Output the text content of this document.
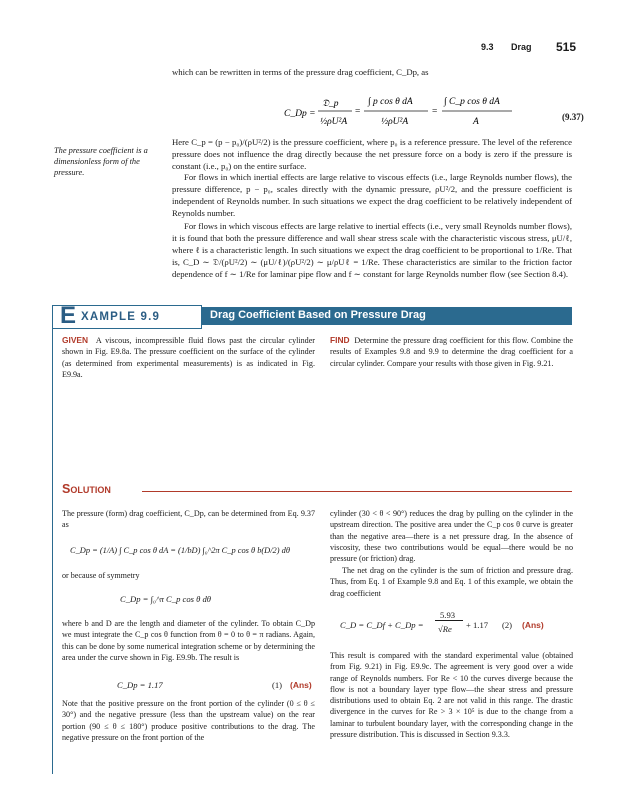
9.3 Drag 515
which can be rewritten in terms of the pressure drag coefficient, C_Dp, as
C_Dp =
𝔇_p
½ρU²A
=
∫ p cos θ dA
½ρU²A
=
∫ C_p cos θ dA
A	(9.37)
The pressure coefficient is a dimensionless form of the pressure.

Here C_p = (p − p₀)/(ρU²/2) is the pressure coefficient, where p₀ is a reference pressure. The level of the reference pressure does not influence the drag directly because the net pressure force on a body is zero if the pressure is constant (i.e., p₀) on the entire surface.

For flows in which inertial effects are large relative to viscous effects (i.e., large Reynolds number flows), the pressure difference, p − p₀, scales directly with the dynamic pressure, ρU²/2, and the pressure coefficient is independent of Reynolds number. In such situations we expect the drag coefficient to be relatively independent of Reynolds number.

For flows in which viscous effects are large relative to inertial effects (i.e., very small Reynolds number flows), it is found that both the pressure difference and wall shear stress scale with the characteristic viscous stress, μU/ℓ, where ℓ is a characteristic length. In such situations we expect the drag coefficient to be proportional to 1/Re. That is, C_D ∼ 𝔇/(ρU²/2) ∼ (μU/ℓ)/(ρU²/2) ∼ μ/ρUℓ = 1/Re. These characteristics are similar to the friction factor dependence of f ∼ 1/Re for laminar pipe flow and f ∼ constant for large Reynolds number flow (see Section 8.4).

E XAMPLE 9.9	Drag Coefficient Based on Pressure Drag

GIVEN A viscous, incompressible fluid flows past the circular cylinder shown in Fig. E9.8a. The pressure coefficient on the surface of the cylinder (as determined from experimental measurements) is as indicated in Fig. E9.9a.

FIND Determine the pressure drag coefficient for this flow. Combine the results of Examples 9.8 and 9.9 to determine the drag coefficient for a circular cylinder. Compare your results with those given in Fig. 9.21.

Solution

The pressure (form) drag coefficient, C_Dp, can be determined from Eq. 9.37 as

C_Dp = (1/A) ∫ C_p cos θ dA = (1/bD) ∫₀^2π C_p cos θ b(D/2) dθ

or because of symmetry

C_Dp = ∫₀^π C_p cos θ dθ

where b and D are the length and diameter of the cylinder. To obtain C_Dp we must integrate the C_p cos θ function from θ = 0 to θ = π radians. Again, this can be done by some numerical integration scheme or by determining the area under the curve shown in Fig. E9.9b. The result is

C_Dp = 1.17	(1) (Ans)

Note that the positive pressure on the front portion of the cylinder (0 ≤ θ ≤ 30°) and the negative pressure (less than the upstream value) on the rear portion (90 ≤ θ ≤ 180°) produce positive contributions to the drag. The negative pressure on the front portion of the

cylinder (30 < θ < 90°) reduces the drag by pulling on the cylinder in the upstream direction. The positive area under the C_p cos θ curve is greater than the negative area—there is a net pressure drag. In the absence of viscosity, these two contributions would be equal—there would be no pressure (or friction) drag.

The net drag on the cylinder is the sum of friction and pressure drag. Thus, from Eq. 1 of Example 9.8 and Eq. 1 of this example, we obtain the drag coefficient

C_D = C_Df + C_Dp =
5.93
√Re + 1.17 (2) (Ans)

This result is compared with the standard experimental value (obtained from Fig. 9.21) in Fig. E9.9c. The agreement is very good over a wide range of Reynolds numbers. For Re < 10 the curves diverge because the flow is not a boundary layer type flow—the shear stress and pressure distributions used to obtain Eq. 2 are not valid in this range. The drastic divergence in the curves for Re > 3 × 10⁵ is due to the change from a laminar to turbulent boundary layer, with the corresponding change in the pressure distribution. This is discussed in Section 9.3.3.
